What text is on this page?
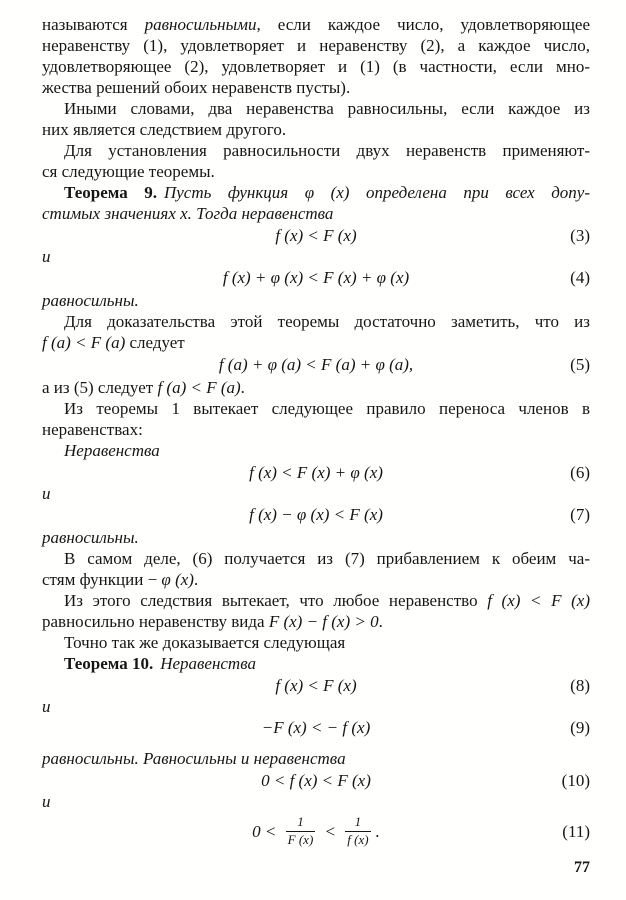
называются равносильными, если каждое число, удовлетворяющее
неравенству (1), удовлетворяет и неравенству (2), а каждое число,
удовлетворяющее (2), удовлетворяет и (1) (в частности, если мно-
жества решений обоих неравенств пусты).
Иными словами, два неравенства равносильны, если каждое из
них является следствием другого.
Для установления равносильности двух неравенств применяют-
ся следующие теоремы.
Теорема 9. Пусть функция φ (x) определена при всех допу-
стимых значениях x. Тогда неравенства
f (x) < F (x)	(3)
и
f (x) + φ (x) < F (x) + φ (x)	(4)
равносильны.
Для доказательства этой теоремы достаточно заметить, что из
f (a) < F (a) следует
f (a) + φ (a) < F (a) + φ (a),	(5)
а из (5) следует f (a) < F (a).
Из теоремы 1 вытекает следующее правило переноса членов в
неравенствах:
Неравенства
f (x) < F (x) + φ (x)	(6)
и
f (x) − φ (x) < F (x)	(7)
равносильны.
В самом деле, (6) получается из (7) прибавлением к обеим ча-
стям функции − φ (x).
Из этого следствия вытекает, что любое неравенство f (x) < F (x)
равносильно неравенству вида F (x) − f (x) > 0.
Точно так же доказывается следующая
Теорема 10. Неравенства
f (x) < F (x)	(8)
и
−F (x) < − f (x)	(9)
равносильны. Равносильны и неравенства
0 < f (x) < F (x)	(10)
и
$0 < \frac{1}{F (x)} < \frac{1}{f (x)}$ .	(11)
77
